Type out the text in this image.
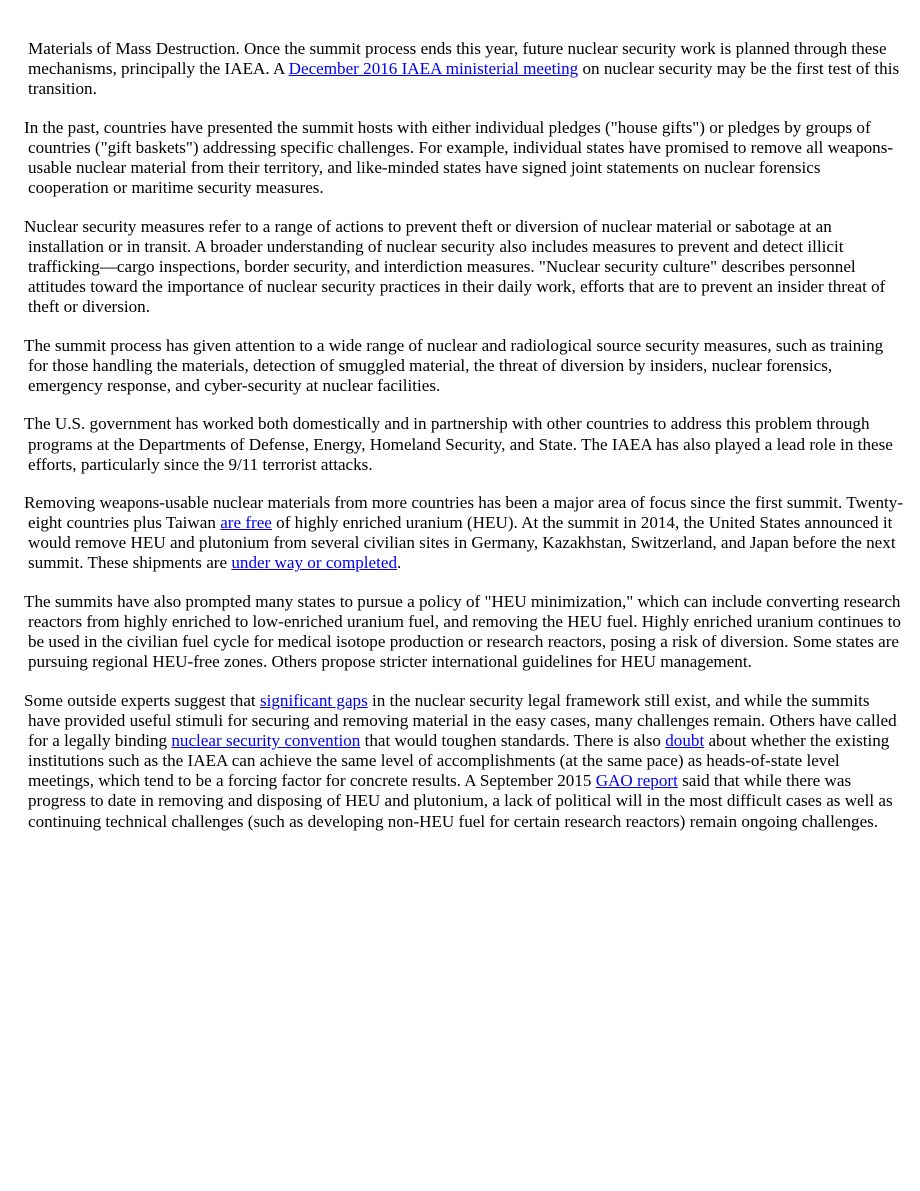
Materials of Mass Destruction. Once the summit process ends this year, future nuclear security work is planned through these mechanisms, principally the IAEA. A December 2016 IAEA ministerial meeting on nuclear security may be the first test of this transition.

In the past, countries have presented the summit hosts with either individual pledges ("house gifts") or pledges by groups of countries ("gift baskets") addressing specific challenges. For example, individual states have promised to remove all weapons-usable nuclear material from their territory, and like-minded states have signed joint statements on nuclear forensics cooperation or maritime security measures.

Nuclear security measures refer to a range of actions to prevent theft or diversion of nuclear material or sabotage at an installation or in transit. A broader understanding of nuclear security also includes measures to prevent and detect illicit trafficking—cargo inspections, border security, and interdiction measures. "Nuclear security culture" describes personnel attitudes toward the importance of nuclear security practices in their daily work, efforts that are to prevent an insider threat of theft or diversion.

The summit process has given attention to a wide range of nuclear and radiological source security measures, such as training for those handling the materials, detection of smuggled material, the threat of diversion by insiders, nuclear forensics, emergency response, and cyber-security at nuclear facilities.

The U.S. government has worked both domestically and in partnership with other countries to address this problem through programs at the Departments of Defense, Energy, Homeland Security, and State. The IAEA has also played a lead role in these efforts, particularly since the 9/11 terrorist attacks.

Removing weapons-usable nuclear materials from more countries has been a major area of focus since the first summit. Twenty-eight countries plus Taiwan are free of highly enriched uranium (HEU). At the summit in 2014, the United States announced it would remove HEU and plutonium from several civilian sites in Germany, Kazakhstan, Switzerland, and Japan before the next summit. These shipments are under way or completed.

The summits have also prompted many states to pursue a policy of "HEU minimization," which can include converting research reactors from highly enriched to low-enriched uranium fuel, and removing the HEU fuel. Highly enriched uranium continues to be used in the civilian fuel cycle for medical isotope production or research reactors, posing a risk of diversion. Some states are pursuing regional HEU-free zones. Others propose stricter international guidelines for HEU management.

Some outside experts suggest that significant gaps in the nuclear security legal framework still exist, and while the summits have provided useful stimuli for securing and removing material in the easy cases, many challenges remain. Others have called for a legally binding nuclear security convention that would toughen standards. There is also doubt about whether the existing institutions such as the IAEA can achieve the same level of accomplishments (at the same pace) as heads-of-state level meetings, which tend to be a forcing factor for concrete results. A September 2015 GAO report said that while there was progress to date in removing and disposing of HEU and plutonium, a lack of political will in the most difficult cases as well as continuing technical challenges (such as developing non-HEU fuel for certain research reactors) remain ongoing challenges.
